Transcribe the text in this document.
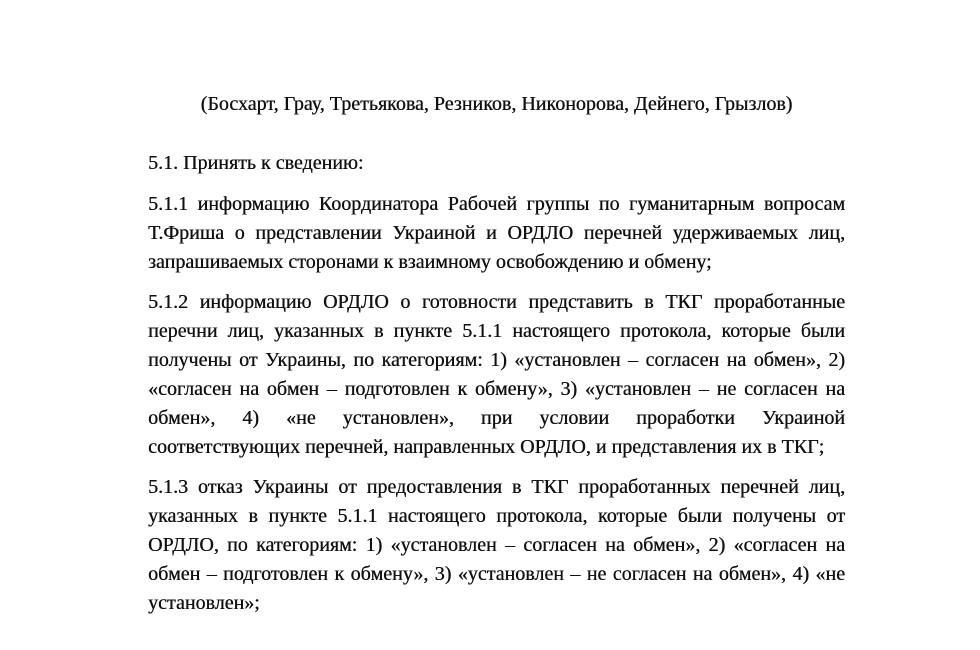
(Босхарт, Грау, Третьякова, Резников, Никонорова, Дейнего, Грызлов)

5.1. Принять к сведению:

5.1.1 информацию Координатора Рабочей группы по гуманитарным вопросам Т.Фриша о представлении Украиной и ОРДЛО перечней удерживаемых лиц, запрашиваемых сторонами к взаимному освобождению и обмену;

5.1.2 информацию ОРДЛО о готовности представить в ТКГ проработанные перечни лиц, указанных в пункте 5.1.1 настоящего протокола, которые были получены от Украины, по категориям: 1) «установлен – согласен на обмен», 2) «согласен на обмен – подготовлен к обмену», 3) «установлен – не согласен на обмен», 4) «не установлен», при условии проработки Украиной соответствующих перечней, направленных ОРДЛО, и представления их в ТКГ;

5.1.3 отказ Украины от предоставления в ТКГ проработанных перечней лиц, указанных в пункте 5.1.1 настоящего протокола, которые были получены от ОРДЛО, по категориям: 1) «установлен – согласен на обмен», 2) «согласен на обмен – подготовлен к обмену», 3) «установлен – не согласен на обмен», 4) «не установлен»;
